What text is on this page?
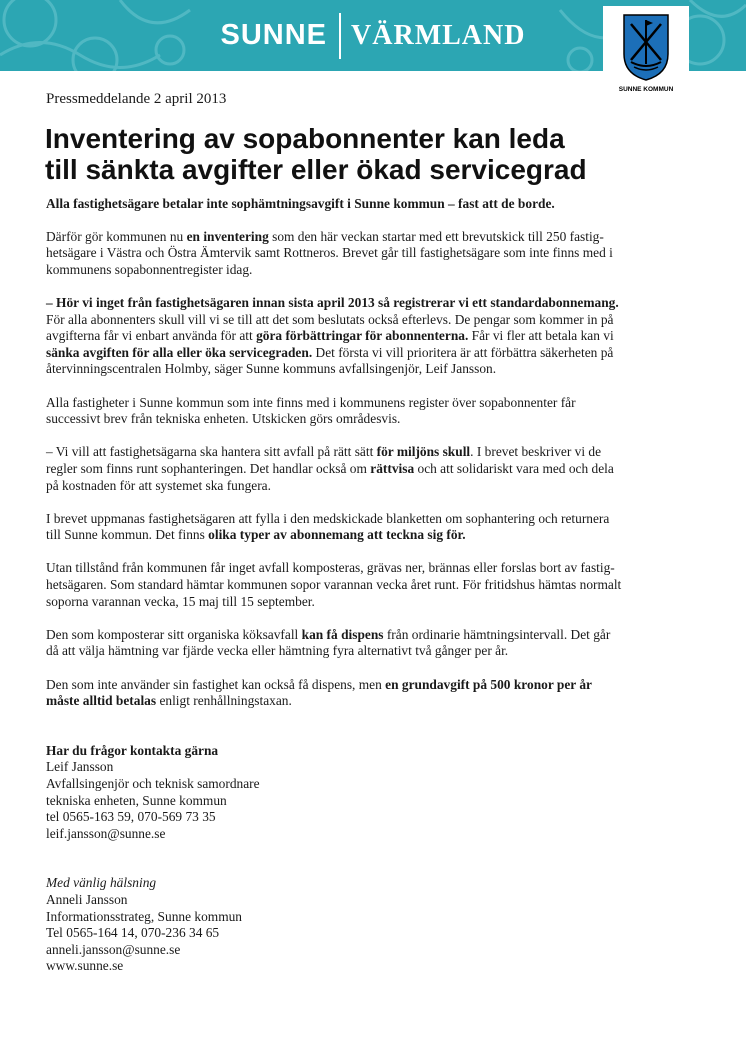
SUNNE VÄRMLAND
SUNNE KOMMUN
Pressmeddelande 2 april 2013
Inventering av sopabonnenter kan leda
till sänkta avgifter eller ökad servicegrad

Alla fastighetsägare betalar inte sophämtningsavgift i Sunne kommun – fast att de borde.

Därför gör kommunen nu en inventering som den här veckan startar med ett brevutskick till 250 fastig-
hetsägare i Västra och Östra Ämtervik samt Rottneros. Brevet går till fastighetsägare som inte finns med i
kommunens sopabonnentregister idag.

– Hör vi inget från fastighetsägaren innan sista april 2013 så registrerar vi ett standardabonnemang.
För alla abonnenters skull vill vi se till att det som beslutats också efterlevs. De pengar som kommer in på
avgifterna får vi enbart använda för att göra förbättringar för abonnenterna. Får vi fler att betala kan vi
sänka avgiften för alla eller öka servicegraden. Det första vi vill prioritera är att förbättra säkerheten på
återvinningscentralen Holmby, säger Sunne kommuns avfallsingenjör, Leif Jansson.

Alla fastigheter i Sunne kommun som inte finns med i kommunens register över sopabonnenter får
successivt brev från tekniska enheten. Utskicken görs områdesvis.

– Vi vill att fastighetsägarna ska hantera sitt avfall på rätt sätt för miljöns skull. I brevet beskriver vi de
regler som finns runt sophanteringen. Det handlar också om rättvisa och att solidariskt vara med och dela
på kostnaden för att systemet ska fungera.

I brevet uppmanas fastighetsägaren att fylla i den medskickade blanketten om sophantering och returnera
till Sunne kommun. Det finns olika typer av abonnemang att teckna sig för.

Utan tillstånd från kommunen får inget avfall komposteras, grävas ner, brännas eller forslas bort av fastig-
hetsägaren. Som standard hämtar kommunen sopor varannan vecka året runt. För fritidshus hämtas normalt
soporna varannan vecka, 15 maj till 15 september.

Den som komposterar sitt organiska köksavfall kan få dispens från ordinarie hämtningsintervall. Det går
då att välja hämtning var fjärde vecka eller hämtning fyra alternativt två gånger per år.

Den som inte använder sin fastighet kan också få dispens, men en grundavgift på 500 kronor per år
måste alltid betalas enligt renhållningstaxan.

Har du frågor kontakta gärna
Leif Jansson
Avfallsingenjör och teknisk samordnare
tekniska enheten, Sunne kommun
tel 0565-163 59, 070-569 73 35
leif.jansson@sunne.se
Med vänlig hälsning
Anneli Jansson
Informationsstrateg, Sunne kommun
Tel 0565-164 14, 070-236 34 65
anneli.jansson@sunne.se
www.sunne.se
